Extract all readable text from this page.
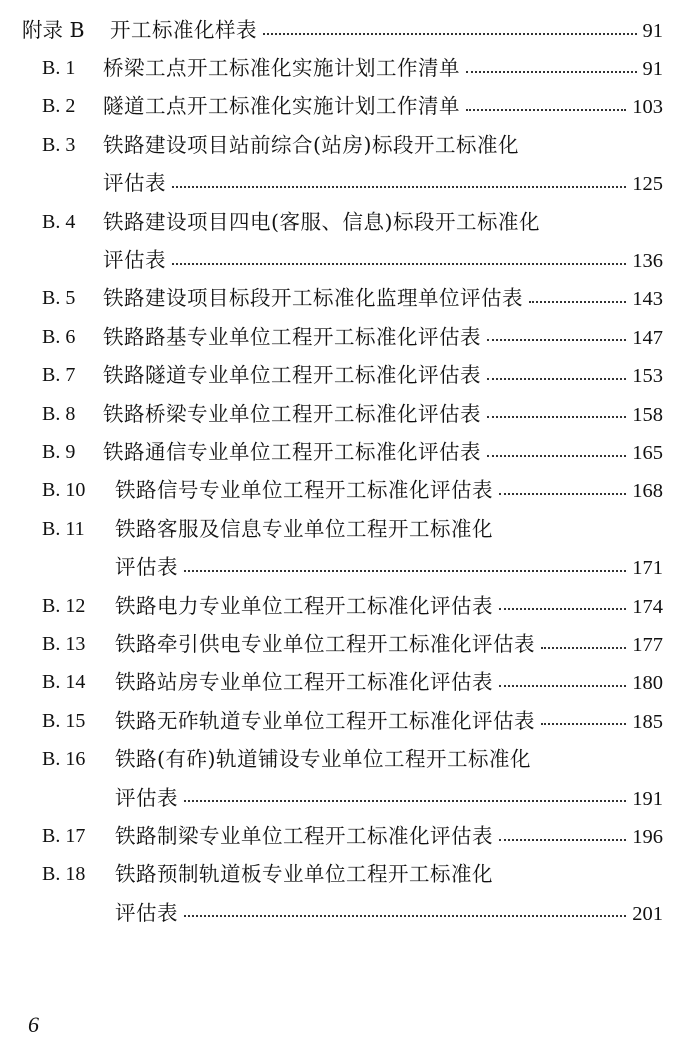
附录 B	开工标准化样表	91
B. 1 桥梁工点开工标准化实施计划工作清单	91
B. 2 隧道工点开工标准化实施计划工作清单	103
B. 3 铁路建设项目站前综合(站房)标段开工标准化
评估表	125
B. 4 铁路建设项目四电(客服、信息)标段开工标准化
评估表	136
B. 5 铁路建设项目标段开工标准化监理单位评估表	143
B. 6 铁路路基专业单位工程开工标准化评估表	147
B. 7 铁路隧道专业单位工程开工标准化评估表	153
B. 8 铁路桥梁专业单位工程开工标准化评估表	158
B. 9 铁路通信专业单位工程开工标准化评估表	165
B. 10 铁路信号专业单位工程开工标准化评估表	168
B. 11 铁路客服及信息专业单位工程开工标准化
评估表	171
B. 12 铁路电力专业单位工程开工标准化评估表	174
B. 13 铁路牵引供电专业单位工程开工标准化评估表	177
B. 14 铁路站房专业单位工程开工标准化评估表	180
B. 15 铁路无砟轨道专业单位工程开工标准化评估表	185
B. 16 铁路(有砟)轨道铺设专业单位工程开工标准化
评估表	191
B. 17 铁路制梁专业单位工程开工标准化评估表	196
B. 18 铁路预制轨道板专业单位工程开工标准化
评估表	201
6
